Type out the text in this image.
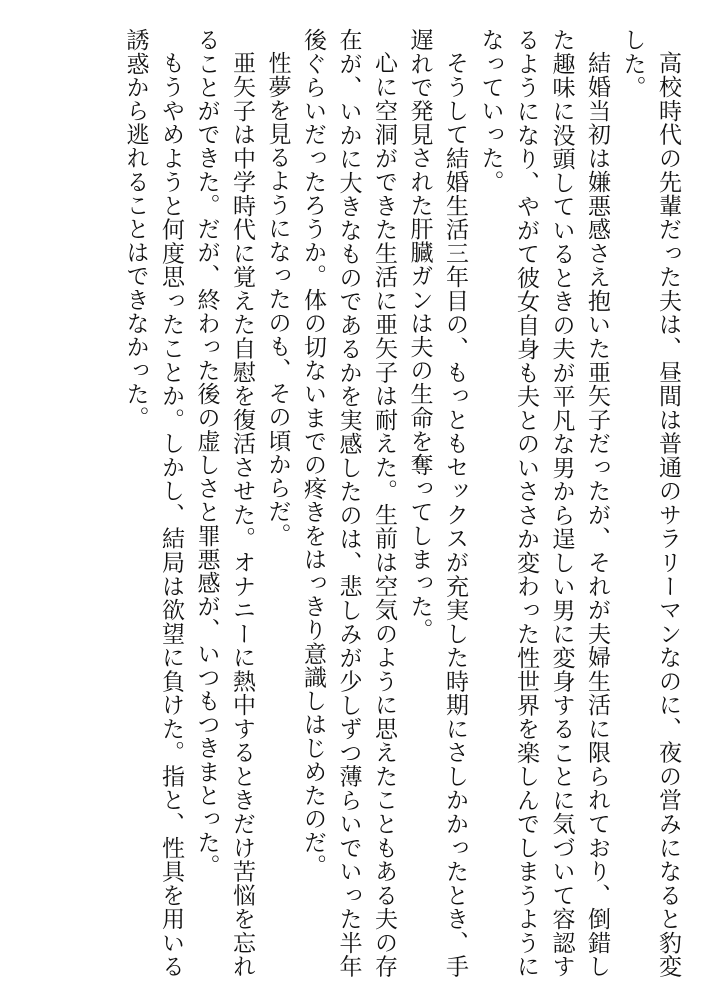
高校時代の先輩だった夫は、昼間は普通のサラリーマンなのに、夜の営みになると豹変した。

結婚当初は嫌悪感さえ抱いた亜矢子だったが、それが夫婦生活に限られており、倒錯した趣味に没頭しているときの夫が平凡な男から逞しい男に変身することに気づいて容認するようになり、やがて彼女自身も夫とのいささか変わった性世界を楽しんでしまうようになっていった。

そうして結婚生活三年目の、もっともセックスが充実した時期にさしかかったとき、手遅れで発見された肝臓ガンは夫の生命を奪ってしまった。

心に空洞ができた生活に亜矢子は耐えた。生前は空気のように思えたこともある夫の存在が、いかに大きなものであるかを実感したのは、悲しみが少しずつ薄らいでいった半年後ぐらいだったろうか。体の切ないまでの疼きをはっきり意識しはじめたのだ。

性夢を見るようになったのも、その頃からだ。

亜矢子は中学時代に覚えた自慰を復活させた。オナニーに熱中するときだけ苦悩を忘れることができた。だが、終わった後の虚しさと罪悪感が、いつもつきまとった。

もうやめようと何度思ったことか。しかし、結局は欲望に負けた。指と、性具を用いる誘惑から逃れることはできなかった。
